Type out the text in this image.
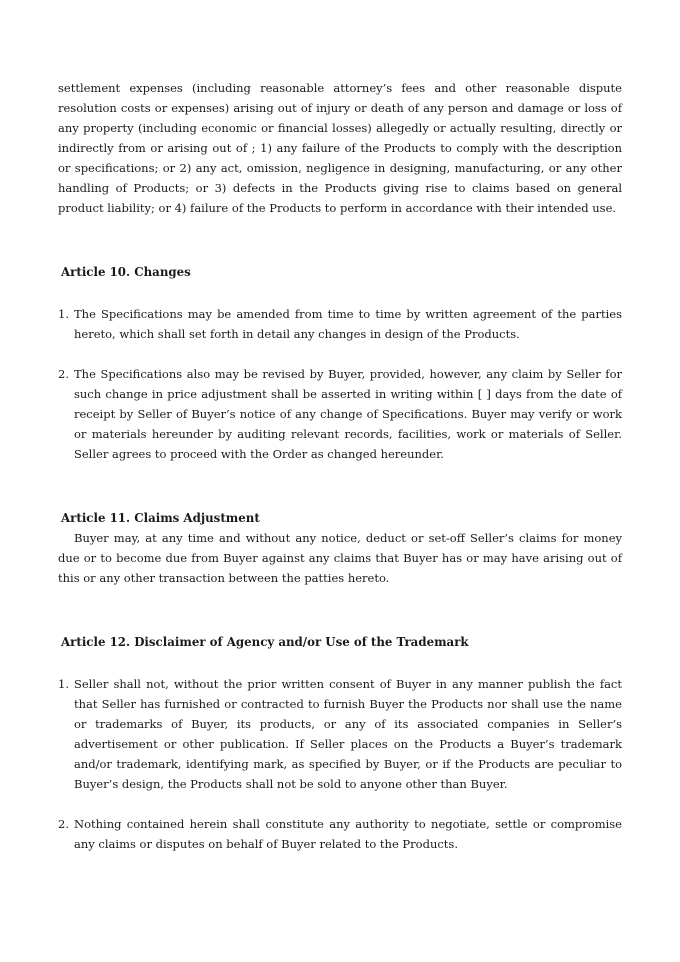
settlement expenses (including reasonable attorney’s fees and other reasonable dispute resolution costs or expenses) arising out of injury or death of any person and damage or loss of any property (including economic or financial losses) allegedly or actually resulting, directly or indirectly from or arising out of ; 1) any failure of the Products to comply with the description or specifications; or 2) any act, omission, negligence in designing, manufacturing, or any other handling of Products; or 3) defects in the Products giving rise to claims based on general product liability; or 4) failure of the Products to perform in accordance with their intended use.

Article 10. Changes

1. The Specifications may be amended from time to time by written agreement of the parties hereto, which shall set forth in detail any changes in design of the Products.
2. The Specifications also may be revised by Buyer, provided, however, any claim by Seller for such change in price adjustment shall be asserted in writing within [ ] days from the date of receipt by Seller of Buyer’s notice of any change of Specifications. Buyer may verify or work or materials hereunder by auditing relevant records, facilities, work or materials of Seller. Seller agrees to proceed with the Order as changed hereunder.

Article 11. Claims Adjustment

Buyer may, at any time and without any notice, deduct or set-off Seller’s claims for money due or to become due from Buyer against any claims that Buyer has or may have arising out of this or any other transaction between the patties hereto.

Article 12. Disclaimer of Agency and/or Use of the Trademark

1. Seller shall not, without the prior written consent of Buyer in any manner publish the fact that Seller has furnished or contracted to furnish Buyer the Products nor shall use the name or trademarks of Buyer, its products, or any of its associated companies in Seller’s advertisement or other publication. If Seller places on the Products a Buyer’s trademark and/or trademark, identifying mark, as specified by Buyer, or if the Products are peculiar to Buyer’s design, the Products shall not be sold to anyone other than Buyer.
2. Nothing contained herein shall constitute any authority to negotiate, settle or compromise any claims or disputes on behalf of Buyer related to the Products.
